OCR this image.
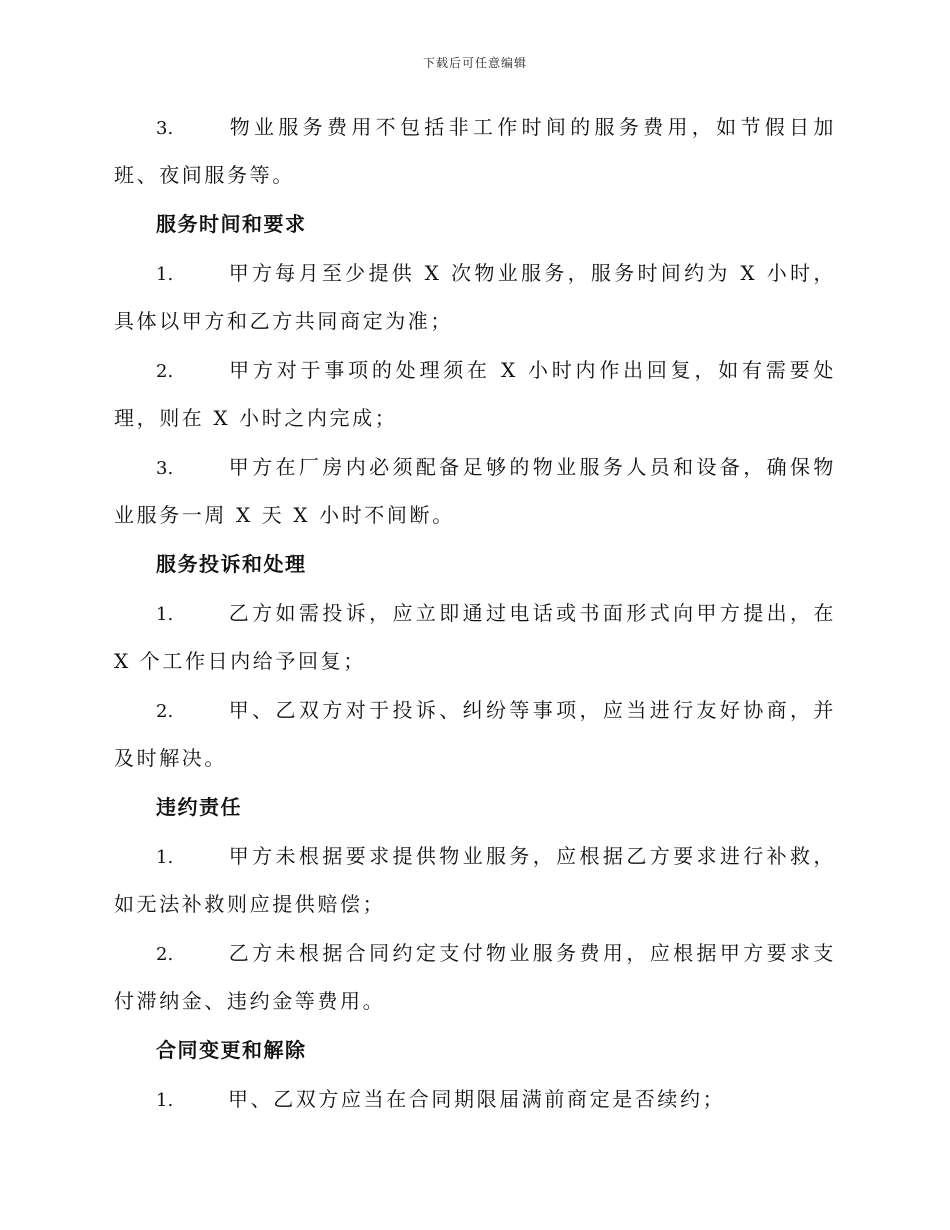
下载后可任意编辑

3.	物业服务费用不包括非工作时间的服务费用，如节假日加班、夜间服务等。

服务时间和要求

1.	甲方每月至少提供 X 次物业服务，服务时间约为 X 小时，具体以甲方和乙方共同商定为准；

2.	甲方对于事项的处理须在 X 小时内作出回复，如有需要处理，则在 X 小时之内完成；

3.	甲方在厂房内必须配备足够的物业服务人员和设备，确保物业服务一周 X 天 X 小时不间断。

服务投诉和处理

1.	乙方如需投诉，应立即通过电话或书面形式向甲方提出，在 X 个工作日内给予回复；

2.	甲、乙双方对于投诉、纠纷等事项，应当进行友好协商，并及时解决。

违约责任

1.	甲方未根据要求提供物业服务，应根据乙方要求进行补救，如无法补救则应提供赔偿；

2.	乙方未根据合同约定支付物业服务费用，应根据甲方要求支付滞纳金、违约金等费用。

合同变更和解除

1.	甲、乙双方应当在合同期限届满前商定是否续约；
